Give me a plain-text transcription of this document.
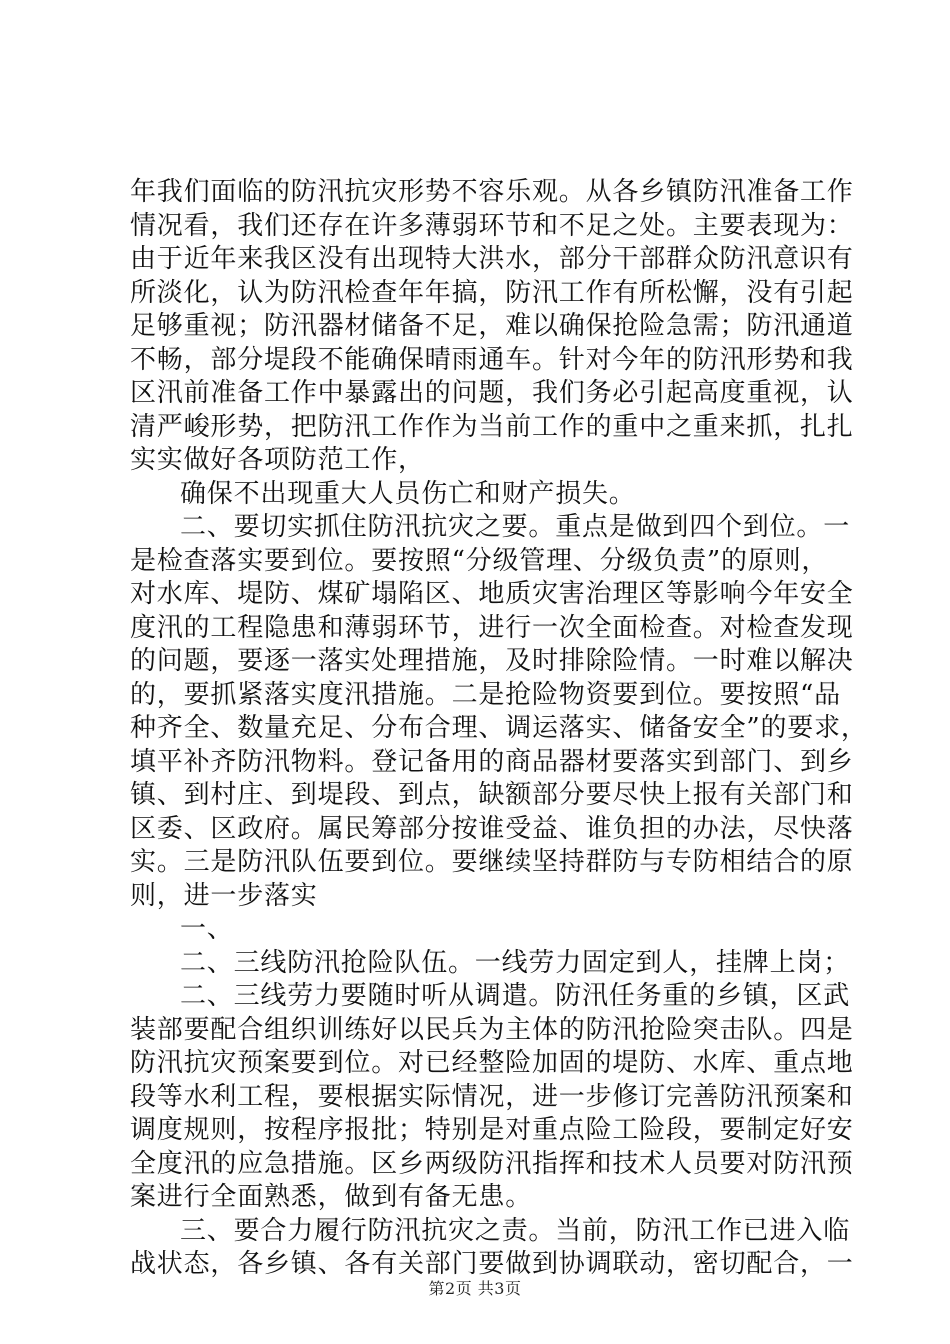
年我们面临的防汛抗灾形势不容乐观。从各乡镇防汛准备工作
情况看，我们还存在许多薄弱环节和不足之处。主要表现为：
由于近年来我区没有出现特大洪水，部分干部群众防汛意识有
所淡化，认为防汛检查年年搞，防汛工作有所松懈，没有引起
足够重视；防汛器材储备不足，难以确保抢险急需；防汛通道
不畅，部分堤段不能确保晴雨通车。针对今年的防汛形势和我
区汛前准备工作中暴露出的问题，我们务必引起高度重视，认
清严峻形势，把防汛工作作为当前工作的重中之重来抓，扎扎
实实做好各项防范工作，
确保不出现重大人员伤亡和财产损失。
二、要切实抓住防汛抗灾之要。重点是做到四个到位。一
是检查落实要到位。要按照“分级管理、分级负责”的原则，
对水库、堤防、煤矿塌陷区、地质灾害治理区等影响今年安全
度汛的工程隐患和薄弱环节，进行一次全面检查。对检查发现
的问题，要逐一落实处理措施，及时排除险情。一时难以解决
的，要抓紧落实度汛措施。二是抢险物资要到位。要按照“品
种齐全、数量充足、分布合理、调运落实、储备安全”的要求，
填平补齐防汛物料。登记备用的商品器材要落实到部门、到乡
镇、到村庄、到堤段、到点，缺额部分要尽快上报有关部门和
区委、区政府。属民筹部分按谁受益、谁负担的办法，尽快落
实。三是防汛队伍要到位。要继续坚持群防与专防相结合的原
则，进一步落实
一、
二、三线防汛抢险队伍。一线劳力固定到人，挂牌上岗；
二、三线劳力要随时听从调遣。防汛任务重的乡镇，区武
装部要配合组织训练好以民兵为主体的防汛抢险突击队。四是
防汛抗灾预案要到位。对已经整险加固的堤防、水库、重点地
段等水利工程，要根据实际情况，进一步修订完善防汛预案和
调度规则，按程序报批；特别是对重点险工险段，要制定好安
全度汛的应急措施。区乡两级防汛指挥和技术人员要对防汛预
案进行全面熟悉，做到有备无患。
三、要合力履行防汛抗灾之责。当前，防汛工作已进入临
战状态，各乡镇、各有关部门要做到协调联动，密切配合，一
第2页 共3页
